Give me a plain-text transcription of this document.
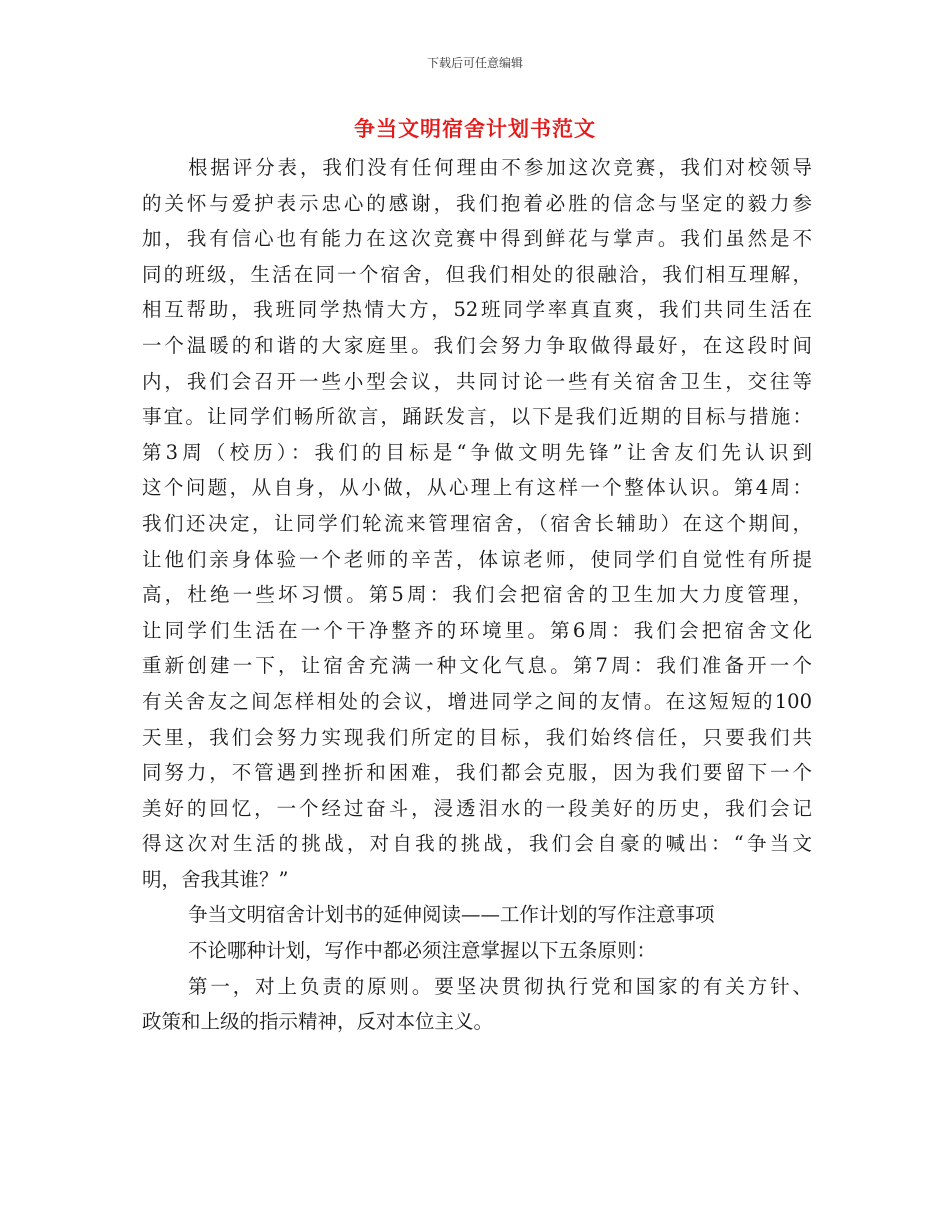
下载后可任意编辑
争当文明宿舍计划书范文
根据评分表，我们没有任何理由不参加这次竞赛，我们对校领导
的关怀与爱护表示忠心的感谢，我们抱着必胜的信念与坚定的毅力参
加，我有信心也有能力在这次竞赛中得到鲜花与掌声。我们虽然是不
同的班级，生活在同一个宿舍，但我们相处的很融洽，我们相互理解，
相互帮助，我班同学热情大方，52班同学率真直爽，我们共同生活在
一个温暖的和谐的大家庭里。我们会努力争取做得最好，在这段时间
内，我们会召开一些小型会议，共同讨论一些有关宿舍卫生，交往等
事宜。让同学们畅所欲言，踊跃发言，以下是我们近期的目标与措施：
第3周（校历）：我们的目标是“争做文明先锋”让舍友们先认识到
这个问题，从自身，从小做，从心理上有这样一个整体认识。第4周：
我们还决定，让同学们轮流来管理宿舍，（宿舍长辅助）在这个期间，
让他们亲身体验一个老师的辛苦，体谅老师，使同学们自觉性有所提
高，杜绝一些坏习惯。第5周：我们会把宿舍的卫生加大力度管理，
让同学们生活在一个干净整齐的环境里。第6周：我们会把宿舍文化
重新创建一下，让宿舍充满一种文化气息。第7周：我们准备开一个
有关舍友之间怎样相处的会议，增进同学之间的友情。在这短短的100
天里，我们会努力实现我们所定的目标，我们始终信任，只要我们共
同努力，不管遇到挫折和困难，我们都会克服，因为我们要留下一个
美好的回忆，一个经过奋斗，浸透泪水的一段美好的历史，我们会记
得这次对生活的挑战，对自我的挑战，我们会自豪的喊出：“争当文
明，舍我其谁？”
争当文明宿舍计划书的延伸阅读——工作计划的写作注意事项
不论哪种计划，写作中都必须注意掌握以下五条原则：
第一，对上负责的原则。要坚决贯彻执行党和国家的有关方针、
政策和上级的指示精神，反对本位主义。
